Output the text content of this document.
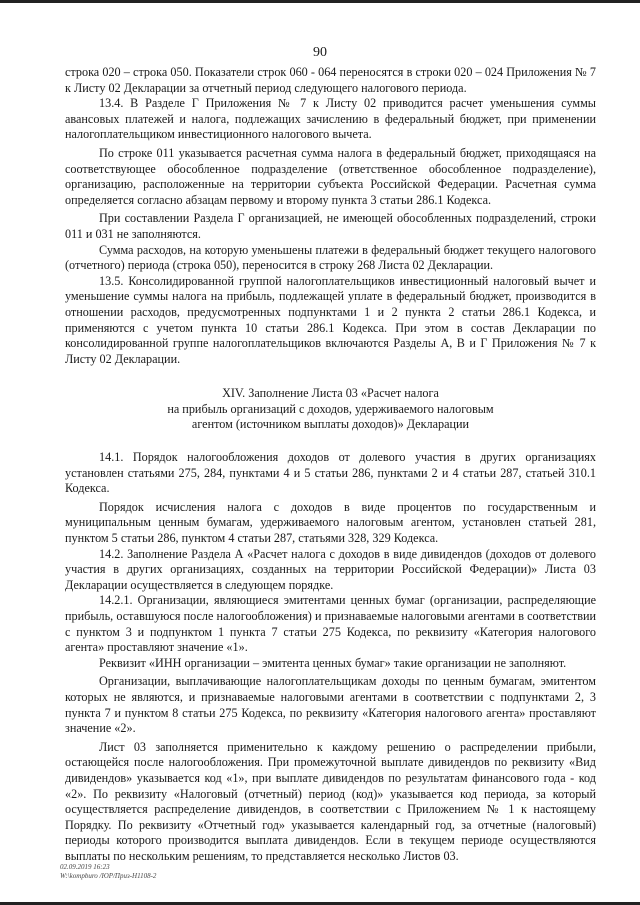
90

строка 020 – строка 050. Показатели строк 060 - 064 переносятся в строки 020 – 024 Приложения № 7 к Листу 02 Декларации за отчетный период следующего налогового периода.

13.4. В Разделе Г Приложения № 7 к Листу 02 приводится расчет уменьшения суммы авансовых платежей и налога, подлежащих зачислению в федеральный бюджет, при применении налогоплательщиком инвестиционного налогового вычета.

По строке 011 указывается расчетная сумма налога в федеральный бюджет, приходящаяся на соответствующее обособленное подразделение (ответственное обособленное подразделение), организацию, расположенные на территории субъекта Российской Федерации. Расчетная сумма определяется согласно абзацам первому и второму пункта 3 статьи 286.1 Кодекса.

При составлении Раздела Г организацией, не имеющей обособленных подразделений, строки 011 и 031 не заполняются.

Сумма расходов, на которую уменьшены платежи в федеральный бюджет текущего налогового (отчетного) периода (строка 050), переносится в строку 268 Листа 02 Декларации.

13.5. Консолидированной группой налогоплательщиков инвестиционный налоговый вычет и уменьшение суммы налога на прибыль, подлежащей уплате в федеральный бюджет, производится в отношении расходов, предусмотренных подпунктами 1 и 2 пункта 2 статьи 286.1 Кодекса, и применяются с учетом пункта 10 статьи 286.1 Кодекса. При этом в состав Декларации по консолидированной группе налогоплательщиков включаются Разделы А, В и Г Приложения № 7 к Листу 02 Декларации.

XIV. Заполнение Листа 03 «Расчет налога
на прибыль организаций с доходов, удерживаемого налоговым
агентом (источником выплаты доходов)» Декларации

14.1. Порядок налогообложения доходов от долевого участия в других организациях установлен статьями 275, 284, пунктами 4 и 5 статьи 286, пунктами 2 и 4 статьи 287, статьей 310.1 Кодекса.

Порядок исчисления налога с доходов в виде процентов по государственным и муниципальным ценным бумагам, удерживаемого налоговым агентом, установлен статьей 281, пунктом 5 статьи 286, пунктом 4 статьи 287, статьями 328, 329 Кодекса.

14.2. Заполнение Раздела А «Расчет налога с доходов в виде дивидендов (доходов от долевого участия в других организациях, созданных на территории Российской Федерации)» Листа 03 Декларации осуществляется в следующем порядке.

14.2.1. Организации, являющиеся эмитентами ценных бумаг (организации, распределяющие прибыль, оставшуюся после налогообложения) и признаваемые налоговыми агентами в соответствии с пунктом 3 и подпунктом 1 пункта 7 статьи 275 Кодекса, по реквизиту «Категория налогового агента» проставляют значение «1».

Реквизит «ИНН организации – эмитента ценных бумаг» такие организации не заполняют.

Организации, выплачивающие налогоплательщикам доходы по ценным бумагам, эмитентом которых не являются, и признаваемые налоговыми агентами в соответствии с подпунктами 2, 3 пункта 7 и пунктом 8 статьи 275 Кодекса, по реквизиту «Категория налогового агента» проставляют значение «2».

Лист 03 заполняется применительно к каждому решению о распределении прибыли, остающейся после налогообложения. При промежуточной выплате дивидендов по реквизиту «Вид дивидендов» указывается код «1», при выплате дивидендов по результатам финансового года - код «2». По реквизиту «Налоговый (отчетный) период (код)» указывается код периода, за который осуществляется распределение дивидендов, в соответствии с Приложением № 1 к настоящему Порядку. По реквизиту «Отчетный год» указывается календарный год, за отчетные (налоговый) периоды которого производится выплата дивидендов. Если в текущем периоде осуществляются выплаты по нескольким решениям, то представляется несколько Листов 03.

02.09.2019 16:23
W:\kompburo /ЮР/Приз-Н1108-2
